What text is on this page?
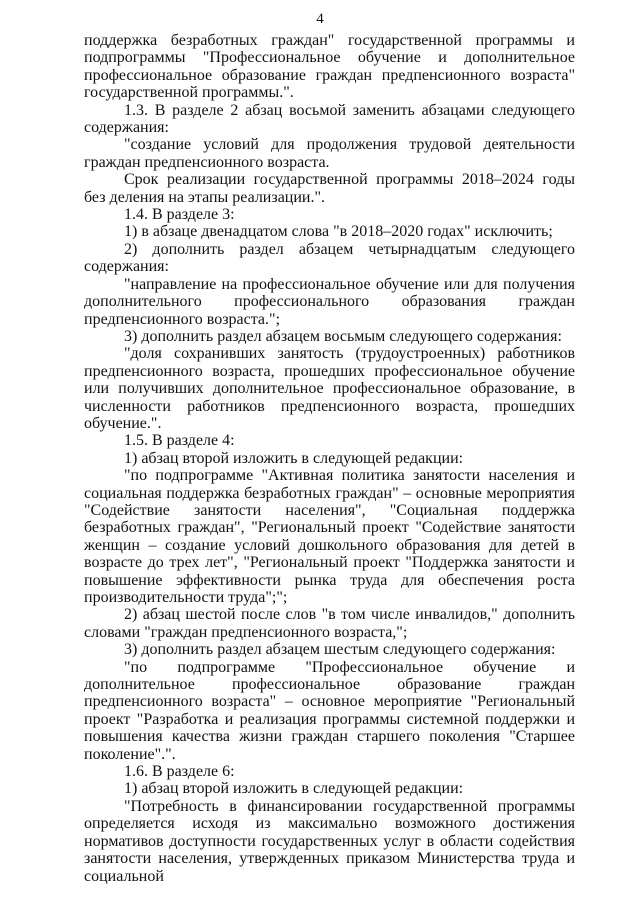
4

поддержка безработных граждан" государственной программы и подпрограммы "Профессиональное обучение и дополнительное профессиональное образование граждан предпенсионного возраста" государственной программы.".

1.3. В разделе 2 абзац восьмой заменить абзацами следующего содержания:

"создание условий для продолжения трудовой деятельности граждан предпенсионного возраста.

Срок реализации государственной программы 2018–2024 годы без деления на этапы реализации.".

1.4. В разделе 3:

1) в абзаце двенадцатом слова "в 2018–2020 годах" исключить;

2) дополнить раздел абзацем четырнадцатым следующего содержания:

"направление на профессиональное обучение или для получения дополнительного профессионального образования граждан предпенсионного возраста.";

3) дополнить раздел абзацем восьмым следующего содержания:

"доля сохранивших занятость (трудоустроенных) работников предпенсионного возраста, прошедших профессиональное обучение или получивших дополнительное профессиональное образование, в численности работников предпенсионного возраста, прошедших обучение.".

1.5. В разделе 4:

1) абзац второй изложить в следующей редакции:

"по подпрограмме "Активная политика занятости населения и социальная поддержка безработных граждан" – основные мероприятия "Содействие занятости населения", "Социальная поддержка безработных граждан", "Региональный проект "Содействие занятости женщин – создание условий дошкольного образования для детей в возрасте до трех лет", "Региональный проект "Поддержка занятости и повышение эффективности рынка труда для обеспечения роста производительности труда";";

2) абзац шестой после слов "в том числе инвалидов," дополнить словами "граждан предпенсионного возраста,";

3) дополнить раздел абзацем шестым следующего содержания:

"по подпрограмме "Профессиональное обучение и дополнительное профессиональное образование граждан предпенсионного возраста" – основное мероприятие "Региональный проект "Разработка и реализация программы системной поддержки и повышения качества жизни граждан старшего поколения "Старшее поколение".".

1.6. В разделе 6:

1) абзац второй изложить в следующей редакции:

"Потребность в финансировании государственной программы определяется исходя из максимально возможного достижения нормативов доступности государственных услуг в области содействия занятости населения, утвержденных приказом Министерства труда и социальной
